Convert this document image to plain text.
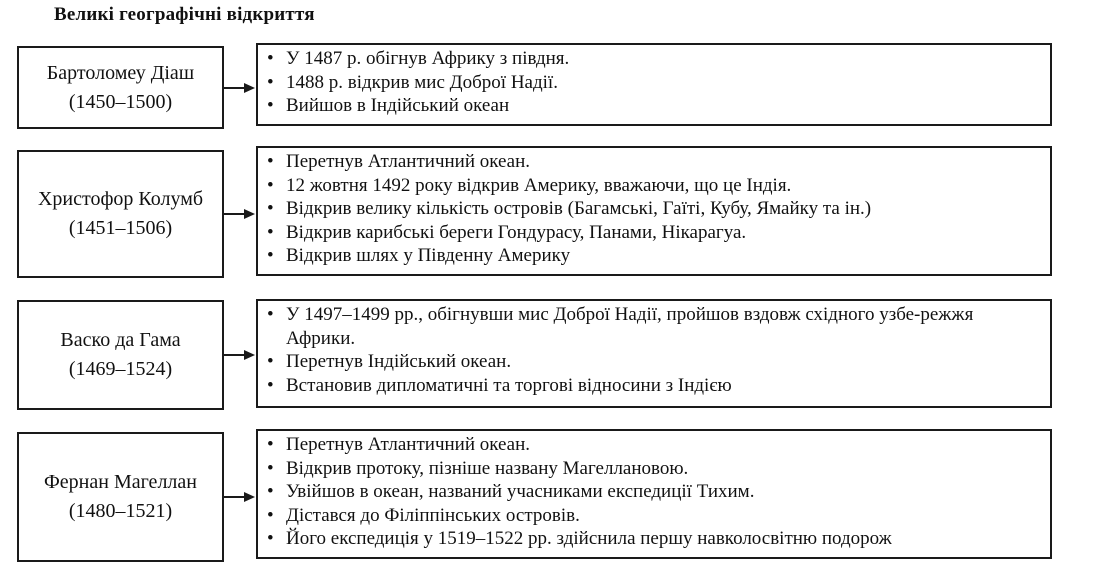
Великі географічні відкриття
Бартоломеу Діаш
(1450–1500)
• У 1487 р. обігнув Африку з півдня.
• 1488 р. відкрив мис Доброї Надії.
• Вийшов в Індійський океан
Христофор Колумб
(1451–1506)
• Перетнув Атлантичний океан.
• 12 жовтня 1492 року відкрив Америку, вважаючи, що це Індія.
• Відкрив велику кількість островів (Багамські, Гаїті, Кубу, Ямайку та ін.)
• Відкрив карибські береги Гондурасу, Панами, Нікарагуа.
• Відкрив шлях у Південну Америку
Васко да Гама
(1469–1524)
• У 1497–1499 рр., обігнувши мис Доброї Надії, пройшов вздовж східного узбе-режжя Африки.
• Перетнув Індійський океан.
• Встановив дипломатичні та торгові відносини з Індією
Фернан Магеллан
(1480–1521)
• Перетнув Атлантичний океан.
• Відкрив протоку, пізніше названу Магеллановою.
• Увійшов в океан, названий учасниками експедиції Тихим.
• Дістався до Філіппінських островів.
• Його експедиція у 1519–1522 рр. здійснила першу навколосвітню подорож
